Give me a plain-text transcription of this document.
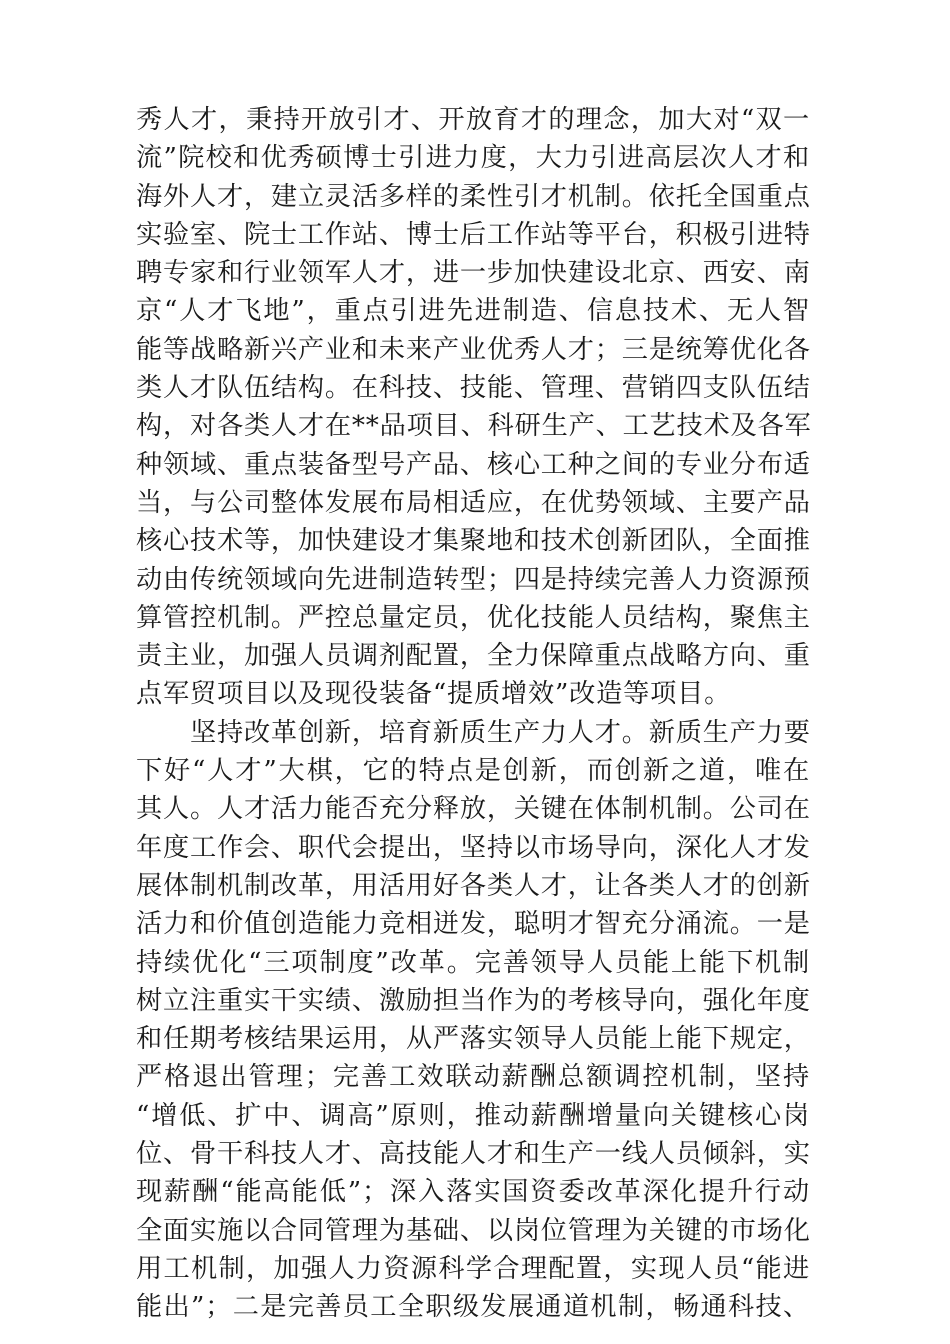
秀人才，秉持开放引才、开放育才的理念，加大对“双一
流”院校和优秀硕博士引进力度，大力引进高层次人才和
海外人才，建立灵活多样的柔性引才机制。依托全国重点
实验室、院士工作站、博士后工作站等平台，积极引进特
聘专家和行业领军人才，进一步加快建设北京、西安、南
京“人才飞地”，重点引进先进制造、信息技术、无人智
能等战略新兴产业和未来产业优秀人才；三是统筹优化各
类人才队伍结构。在科技、技能、管理、营销四支队伍结
构，对各类人才在**品项目、科研生产、工艺技术及各军
种领域、重点装备型号产品、核心工种之间的专业分布适
当，与公司整体发展布局相适应，在优势领域、主要产品
核心技术等，加快建设才集聚地和技术创新团队，全面推
动由传统领域向先进制造转型；四是持续完善人力资源预
算管控机制。严控总量定员，优化技能人员结构，聚焦主
责主业，加强人员调剂配置，全力保障重点战略方向、重
点军贸项目以及现役装备“提质增效”改造等项目。
　　坚持改革创新，培育新质生产力人才。新质生产力要
下好“人才”大棋，它的特点是创新，而创新之道，唯在
其人。人才活力能否充分释放，关键在体制机制。公司在
年度工作会、职代会提出，坚持以市场导向，深化人才发
展体制机制改革，用活用好各类人才，让各类人才的创新
活力和价值创造能力竞相迸发，聪明才智充分涌流。一是
持续优化“三项制度”改革。完善领导人员能上能下机制
树立注重实干实绩、激励担当作为的考核导向，强化年度
和任期考核结果运用，从严落实领导人员能上能下规定，
严格退出管理；完善工效联动薪酬总额调控机制，坚持
“增低、扩中、调高”原则，推动薪酬增量向关键核心岗
位、骨干科技人才、高技能人才和生产一线人员倾斜，实
现薪酬“能高能低”；深入落实国资委改革深化提升行动
全面实施以合同管理为基础、以岗位管理为关键的市场化
用工机制，加强人力资源科学合理配置，实现人员“能进
能出”；二是完善员工全职级发展通道机制，畅通科技、
